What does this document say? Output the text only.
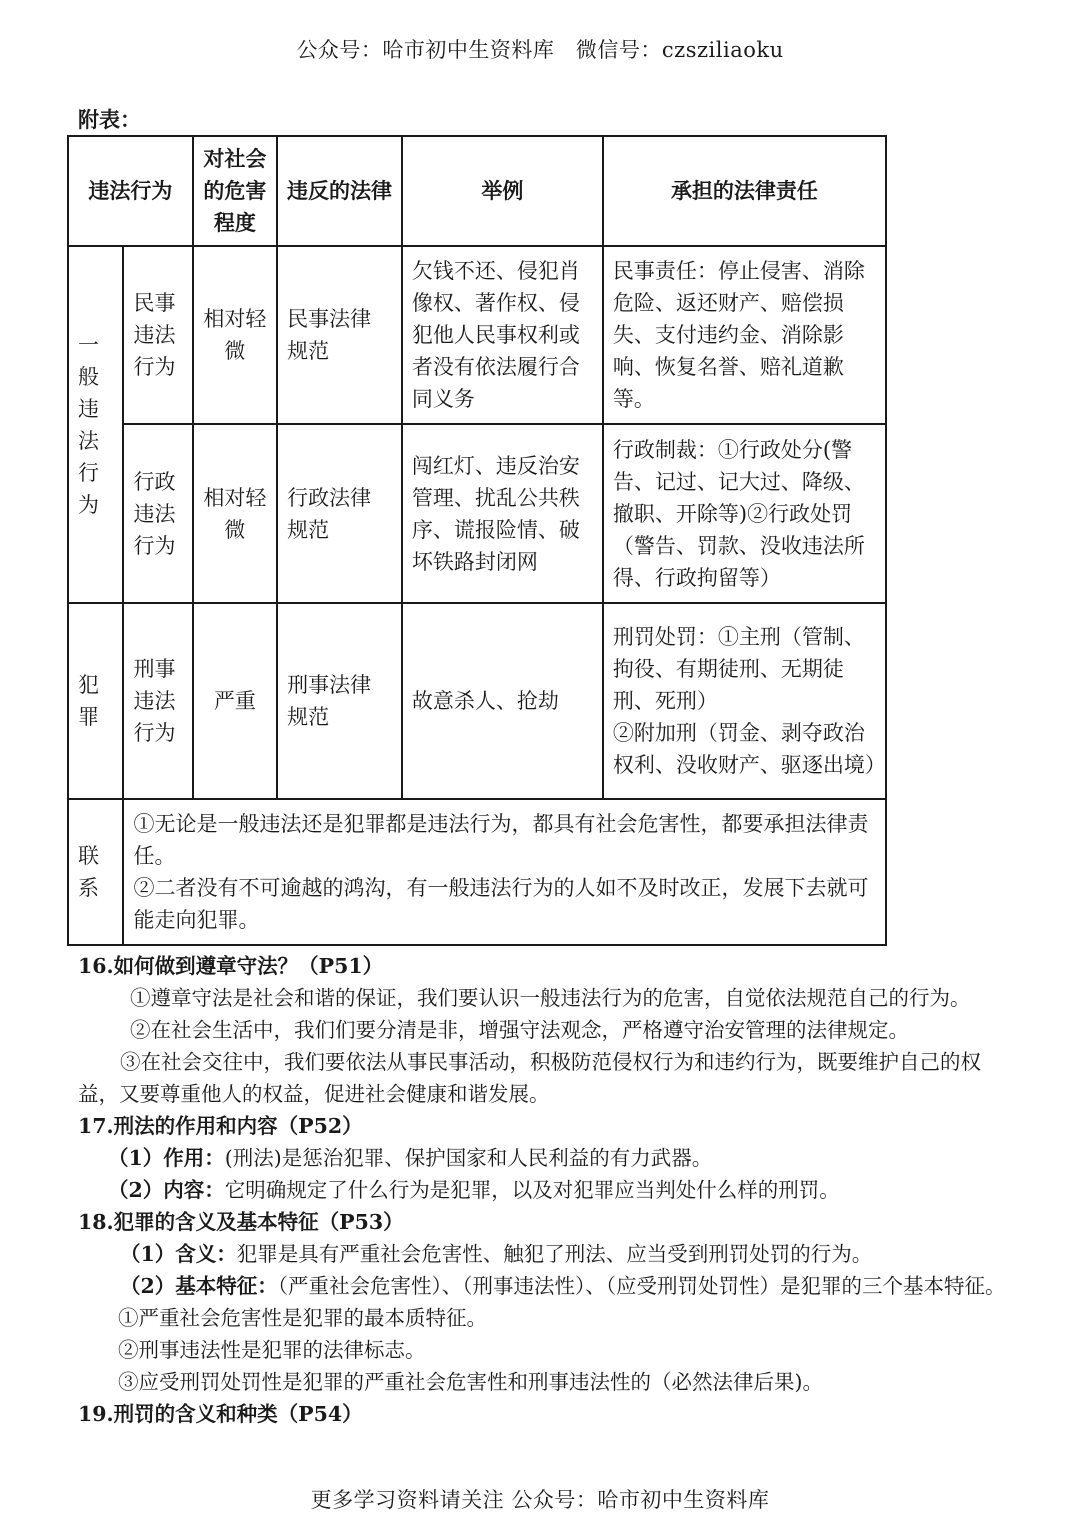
公众号：哈市初中生资料库　微信号：czsziliaoku
附表：
违法行为		对社会的危害程度	违反的法律	举例	承担的法律责任
一般违法行为	民事违法行为	相对轻微	民事法律规范	欠钱不还、侵犯肖像权、著作权、侵犯他人民事权利或者没有依法履行合同义务	民事责任：停止侵害、消除危险、返还财产、赔偿损失、支付违约金、消除影响、恢复名誉、赔礼道歉等。
	行政违法行为	相对轻微	行政法律规范	闯红灯、违反治安管理、扰乱公共秩序、谎报险情、破坏铁路封闭网	行政制裁：①行政处分(警告、记过、记大过、降级、撤职、开除等)②行政处罚（警告、罚款、没收违法所得、行政拘留等）
犯罪	刑事违法行为	严重	刑事法律规范	故意杀人、抢劫	刑罚处罚：①主刑（管制、拘役、有期徒刑、无期徒刑、死刑）
②附加刑（罚金、剥夺政治权利、没收财产、驱逐出境）

联系	①无论是一般违法还是犯罪都是违法行为，都具有社会危害性，都要承担法律责任。
②二者没有不可逾越的鸿沟，有一般违法行为的人如不及时改正，发展下去就可能走向犯罪。				

16.如何做到遵章守法？（P51）

①遵章守法是社会和谐的保证，我们要认识一般违法行为的危害，自觉依法规范自己的行为。

②在社会生活中，我们们要分清是非，增强守法观念，严格遵守治安管理的法律规定。

③在社会交往中，我们要依法从事民事活动，积极防范侵权行为和违约行为，既要维护自己的权益，又要尊重他人的权益，促进社会健康和谐发展。

17.刑法的作用和内容（P52）

（1）作用：(刑法)是惩治犯罪、保护国家和人民利益的有力武器。

（2）内容：它明确规定了什么行为是犯罪，以及对犯罪应当判处什么样的刑罚。

18.犯罪的含义及基本特征（P53）

（1）含义：犯罪是具有严重社会危害性、触犯了刑法、应当受到刑罚处罚的行为。

（2）基本特征：（严重社会危害性）、（刑事违法性）、（应受刑罚处罚性）是犯罪的三个基本特征。

①严重社会危害性是犯罪的最本质特征。

②刑事违法性是犯罪的法律标志。

③应受刑罚处罚性是犯罪的严重社会危害性和刑事违法性的（必然法律后果)。

19.刑罚的含义和种类（P54）

更多学习资料请关注 公众号：哈市初中生资料库
